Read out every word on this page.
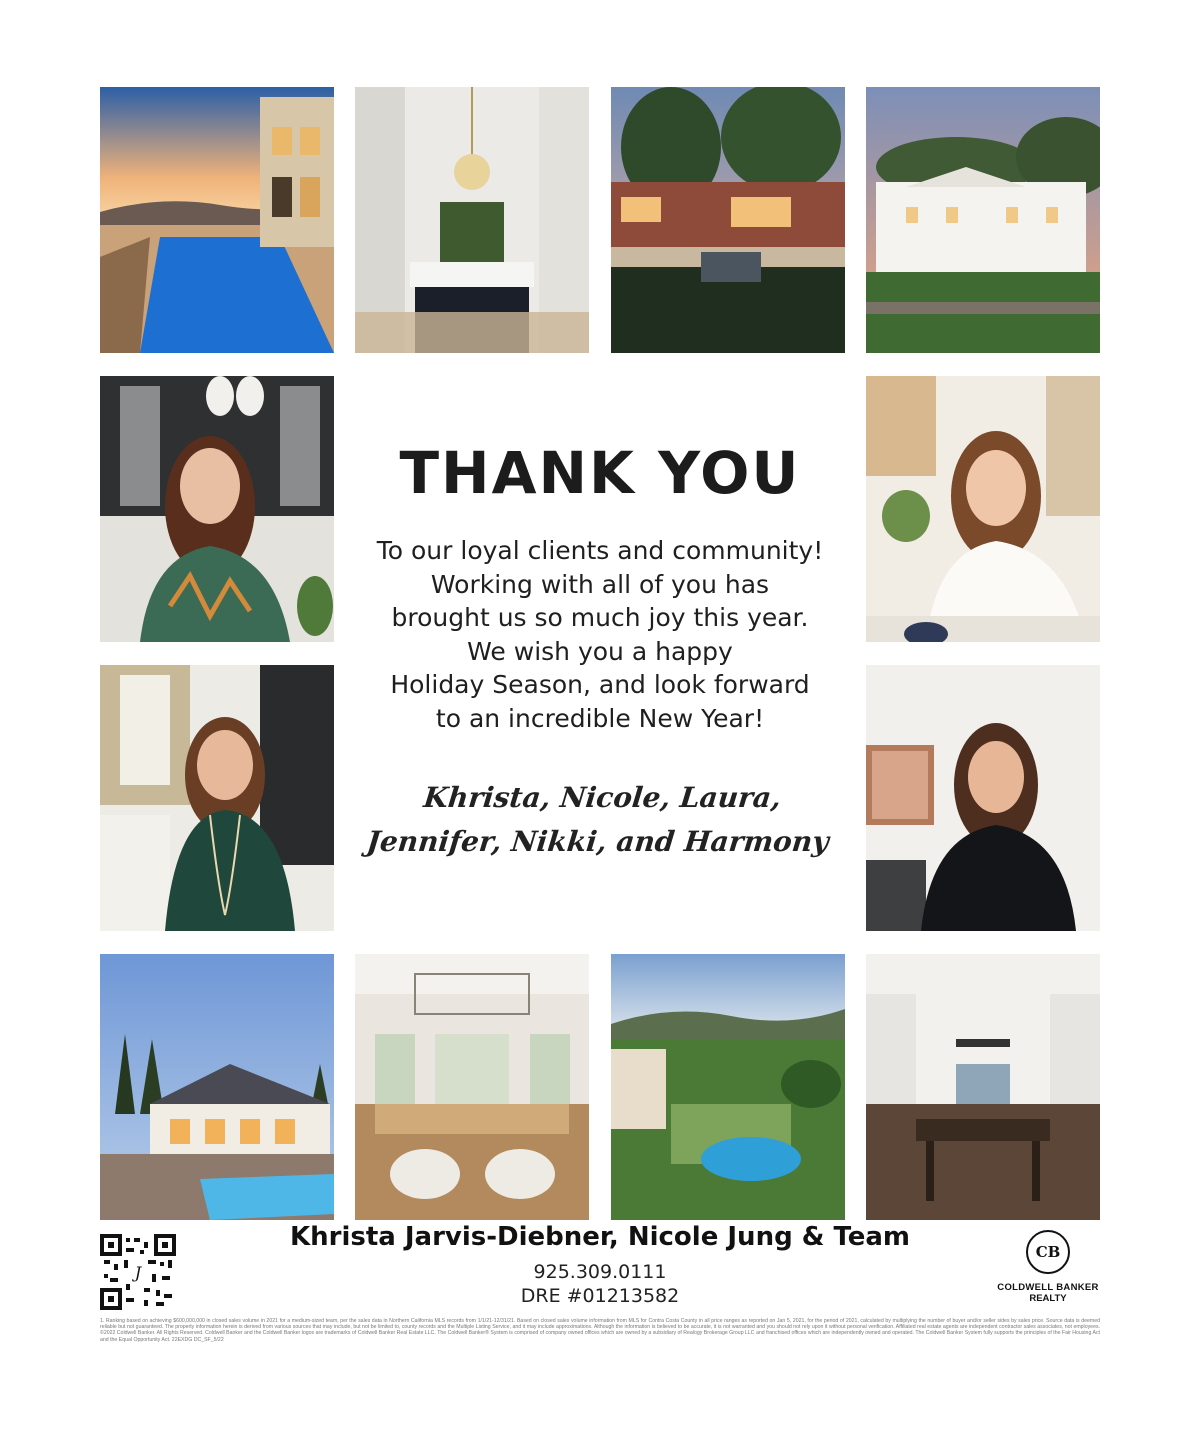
THANK YOU
To our loyal clients and community!
Working with all of you has
brought us so much joy this year.
We wish you a happy
Holiday Season, and look forward
to an incredible New Year!
Khrista, Nicole, Laura,
Jennifer, Nikki, and Harmony
J
Khrista Jarvis-Diebner, Nicole Jung & Team
925.309.0111
DRE #01213582
CB
COLDWELL BANKER
REALTY
1. Ranking based on achieving $600,000,000 in closed sales volume in 2021 for a medium-sized team, per the sales data in Northern California MLS records from 1/1/21-12/31/21. Based on closed sales volume information from MLS for Contra Costa County in all price ranges as reported on Jan 5, 2021, for the period of 2021, calculated by multiplying the number of buyer and/or seller sides by sales price. Source data is deemed reliable but not guaranteed. The property information herein is derived from various sources that may include, but not be limited to, county records and the Multiple Listing Service, and it may include approximations. Although the information is believed to be accurate, it is not warranted and you should not rely upon it without personal verification. Affiliated real estate agents are independent contractor sales associates, not employees. ©2022 Coldwell Banker. All Rights Reserved. Coldwell Banker and the Coldwell Banker logos are trademarks of Coldwell Banker Real Estate LLC. The Coldwell Banker® System is comprised of company owned offices which are owned by a subsidiary of Realogy Brokerage Group LLC and franchised offices which are independently owned and operated. The Coldwell Banker System fully supports the principles of the Fair Housing Act and the Equal Opportunity Act. 22EXDG DC_SF_5/22
